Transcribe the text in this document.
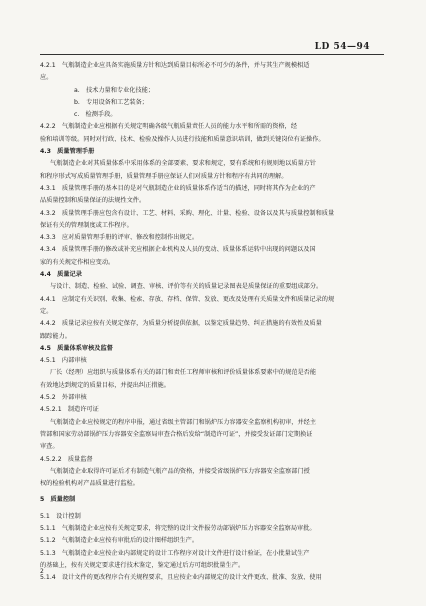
LD 54—94
4.2.1　气瓶制造企业应具备实施质量方针和达到质量目标所必不可少的条件，并与其生产规模相适
应。
a.　技术力量和专业化技能；
b.　专用设备和工艺装备；
c.　检测手段。
4.2.2　气瓶制造企业应根据有关规定明确各级气瓶质量责任人员的能力水平和所需的资格，经
验和培训等级。同时对行政、技术、检验及操作人员进行技能和质量意识培训，做到关键岗位有证操作。
4.3　质量管理手册
气瓶制造企业对其质量体系中采用体系的全部要素、要求和规定，要有系统和有规则地以质量方针
和程序形式写成质量管理手册，质量管理手册应保证人们对质量方针和程序有共同的理解。
4.3.1　质量管理手册的基本目的是对气瓶制造企业的质量体系作适当的描述，同时将其作为企业的产
品质量控制和质量保证的法规性文件。
4.3.2　质量管理手册应包含有设计、工艺、材料、采购、理化、计量、检验、设备以及其与质量控制和质量
保证有关的管理制度或工作程序。
4.3.3　应对质量管理手册的评审、修改和控制作出规定。
4.3.4　质量管理手册的修改或补充应根据企业机构及人员的变动、质量体系运转中出现的问题以及国
家的有关规定作相应变动。
4.4　质量记录
与设计、制造、检验、试验、调查、审核、评价等有关的质量记录图表是质量保证的重要组成部分。
4.4.1　应制定有关识别、收集、检索、存放、存档、保管、发放、更改及处理有关质量文件和质量记录的规
定。
4.4.2　质量记录应按有关规定保存，为质量分析提供依据，以鉴定质量趋势、纠正措施的有效性及质量
跟踪能力。
4.5　质量体系审核及监督
4.5.1　内部审核
厂长（经理）应组织与质量体系有关的部门和责任工程师审核和评价质量体系要素中的规范是否能
有效地达到规定的质量目标，并提出纠正措施。
4.5.2　外部审核
4.5.2.1　制造许可证
气瓶制造企业应按规定的程序申报，通过省级主管部门和锅炉压力容器安全监察机构初审，并经主
管部和国家劳动部锅炉压力容器安全监察局审查合格后发给“制造许可证”，并接受发证部门定期换证
审查。
4.5.2.2　质量监督
气瓶制造企业取得许可证后才有制造气瓶产品的资格，并接受省级锅炉压力容器安全监察部门授
权的检验机构对产品质量进行监检。
5　质量控制
5.1　设计控制
5.1.1　气瓶制造企业应按有关规定要求，将完整的设计文件报劳动部锅炉压力容器安全监察局审批。
5.1.2　气瓶制造企业应按有审批后的设计图样组织生产。
5.1.3　气瓶制造企业应按企业内部规定的设计工作程序对设计文件进行设计验证，在小批量试生产
的基础上，按有关规定要求进行技术鉴定，鉴定通过后方可组织批量生产。
5.1.4　设计文件的更改程序合有关规程要求，且应按企业内部规定的设计文件更改、批准、发放、使用
2
